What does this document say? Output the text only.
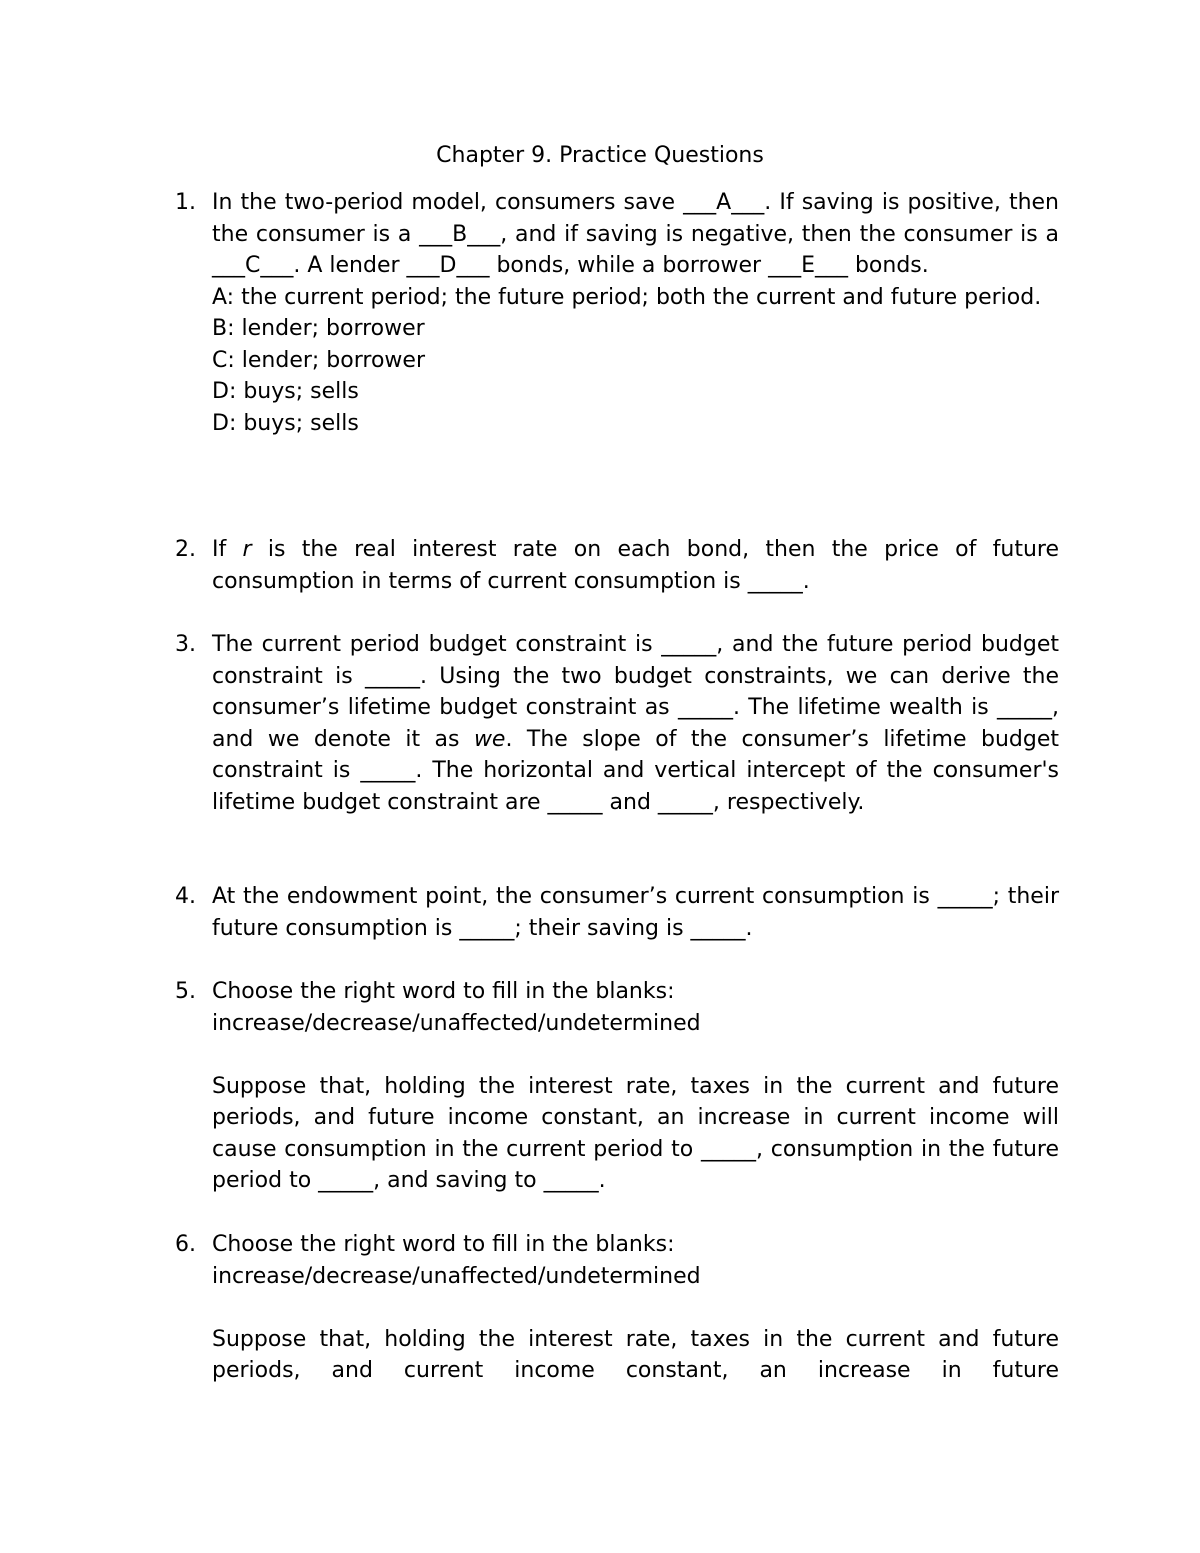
Chapter 9. Practice Questions
1. In the two-period model, consumers save ___A___. If saving is positive, then the consumer is a ___B___, and if saving is negative, then the consumer is a ___C___. A lender ___D___ bonds, while a borrower ___E___ bonds.
A: the current period; the future period; both the current and future period.
B: lender; borrower
C: lender; borrower
D: buys; sells
D: buys; sells
2. If r is the real interest rate on each bond, then the price of future consumption in terms of current consumption is _____.
3. The current period budget constraint is _____, and the future period budget constraint is _____. Using the two budget constraints, we can derive the consumer’s lifetime budget constraint as _____. The lifetime wealth is _____, and we denote it as we. The slope of the consumer’s lifetime budget constraint is _____. The horizontal and vertical intercept of the consumer's lifetime budget constraint are _____ and _____, respectively.
4. At the endowment point, the consumer’s current consumption is _____; their future consumption is _____; their saving is _____.
5. Choose the right word to fill in the blanks:
increase/decrease/unaffected/undetermined
Suppose that, holding the interest rate, taxes in the current and future periods, and future income constant, an increase in current income will cause consumption in the current period to _____, consumption in the future period to _____, and saving to _____.
6. Choose the right word to fill in the blanks:
increase/decrease/unaffected/undetermined
Suppose that, holding the interest rate, taxes in the current and future periods, and current income constant, an increase in future
